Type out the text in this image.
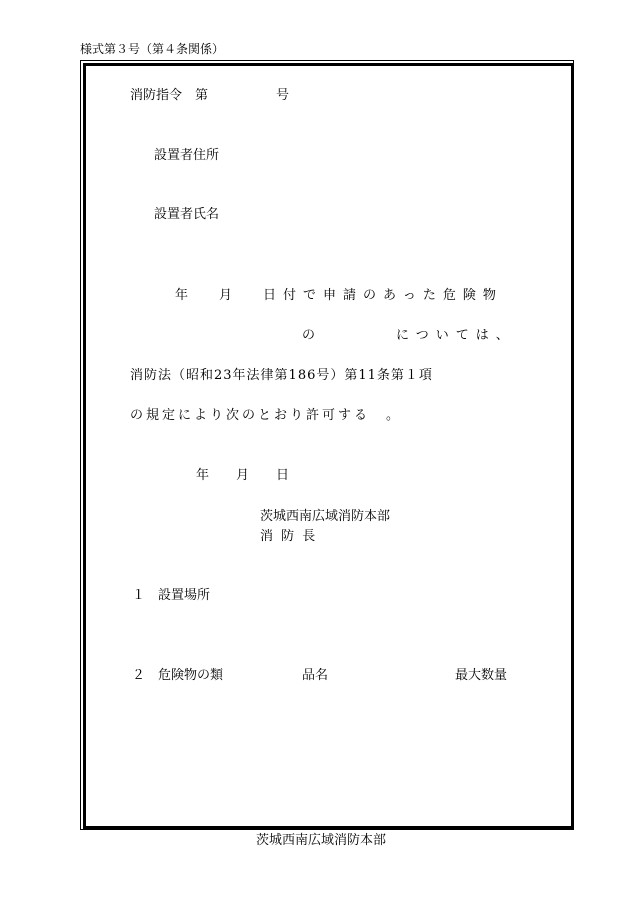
様式第３号（第４条関係）
消防指令　第	号
設置者住所
設置者氏名
年 月 日付で申請のあった危険物
の	については、
消防法（昭和23年法律第186号）第11条第１項
の規定により次のとおり許可する　。
年 月 日
茨城西南広域消防本部
消 防 長
１　設置場所
２　危険物の類	品名	最大数量
茨城西南広域消防本部
